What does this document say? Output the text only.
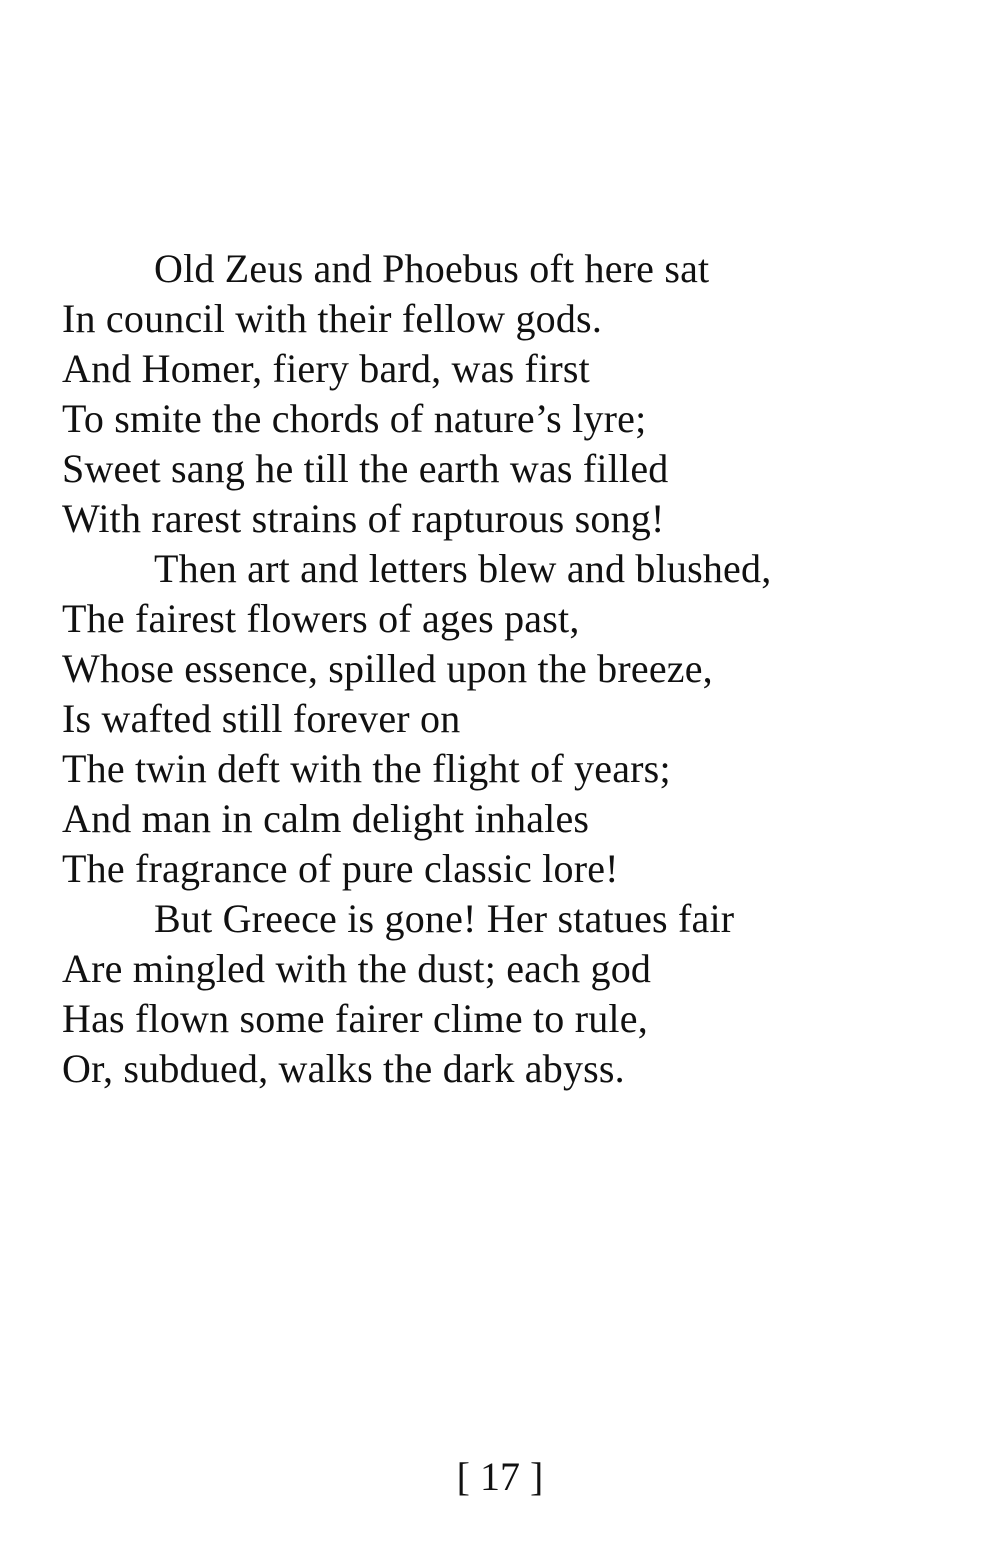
Old Zeus and Phoebus oft here sat
In council with their fellow gods.
And Homer, fiery bard, was first
To smite the chords of nature’s lyre;
Sweet sang he till the earth was filled
With rarest strains of rapturous song!
Then art and letters blew and blushed,
The fairest flowers of ages past,
Whose essence, spilled upon the breeze,
Is wafted still forever on
The twin deft with the flight of years;
And man in calm delight inhales
The fragrance of pure classic lore!
But Greece is gone! Her statues fair
Are mingled with the dust; each god
Has flown some fairer clime to rule,
Or, subdued, walks the dark abyss.
[ 17 ]
